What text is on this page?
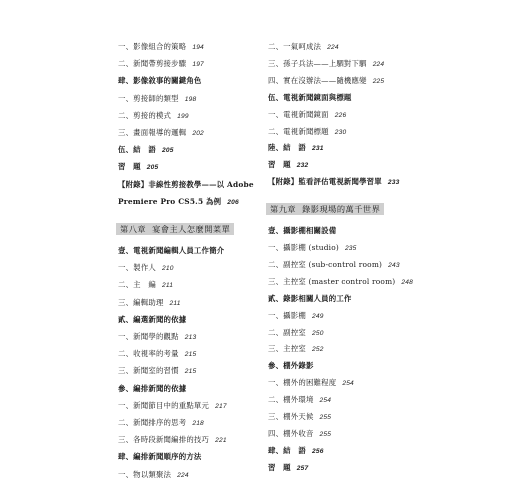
一、影像組合的策略 194
二、新聞帶剪接步驟 197
肆、影像敘事的關鍵角色
一、剪接師的類型 198
二、剪接的模式 199
三、畫面報導的邏輯 202
伍、結　語 205
習　題 205
【附錄】非線性剪接教學——以 Adobe
Premiere Pro CS5.5 為例 206
第八章 宴會主人怎麼開菜單
壹、電視新聞編輯人員工作簡介
一、製作人 210
二、主　編 211
三、編輯助理 211
貳、編選新聞的依據
一、新聞學的觀點 213
二、收視率的考量 215
三、新聞室的習慣 215
參、編排新聞的依據
一、新聞節目中的重點單元 217
二、新聞排序的思考 218
三、各時段新聞編排的技巧 221
肆、編排新聞順序的方法
一、物以類聚法 224
二、一氣呵成法 224
三、孫子兵法——上駟對下駟 224
四、實在沒辦法——隨機應變 225
伍、電視新聞鏡面與標題
一、電視新聞鏡面 226
二、電視新聞標題 230
陸、結　語 231
習　題 232
【附錄】監看評估電視新聞學習單 233
第九章 錄影現場的萬千世界
壹、攝影棚相關設備
一、攝影棚 (studio) 235
二、副控室 (sub-control room) 243
三、主控室 (master control room) 248
貳、錄影相關人員的工作
一、攝影棚 249
二、副控室 250
三、主控室 252
參、棚外錄影
一、棚外的困難程度 254
二、棚外環境 254
三、棚外天候 255
四、棚外收音 255
肆、結　語 256
習　題 257
